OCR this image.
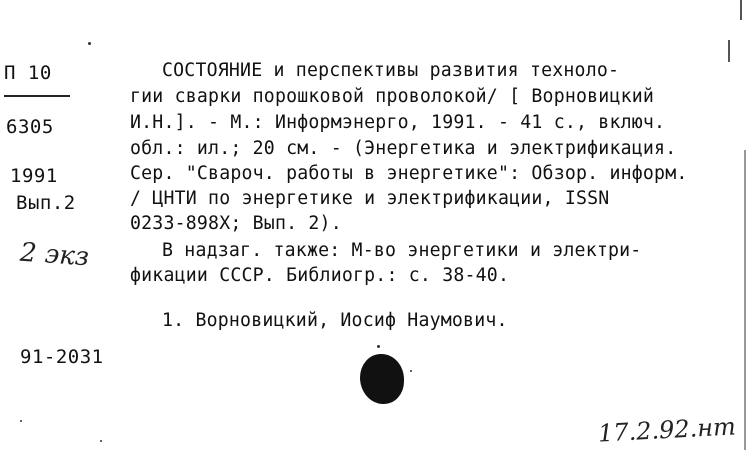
П 10
6305
1991
Вып.2
2 экз
СОСТОЯНИЕ и перспективы развития техноло-
гии сварки порошковой проволокой/ [ Ворновицкий
И.Н.]. - М.: Информэнерго, 1991. - 41 с., включ.
обл.: ил.; 20 см. - (Энергетика и электрификация.
Сер. "Свароч. работы в энергетике": Обзор. информ.
/ ЦНТИ по энергетике и электрификации, ISSN
0233-898X; Вып. 2).
В надзаг. также: М-во энергетики и электри-
фикации СССР. Библиогр.: с. 38-40.
1. Ворновицкий, Иосиф Наумович.
91-2031
17.2.92.нт
